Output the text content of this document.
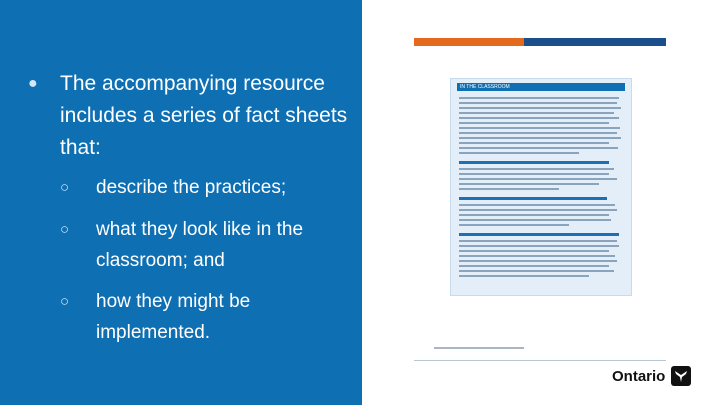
● The accompanying resource includes a series of fact sheets that:
○ describe the practices;
○ what they look like in the classroom; and
○ how they might be implemented.
IN THE CLASSROOM
Ontario
